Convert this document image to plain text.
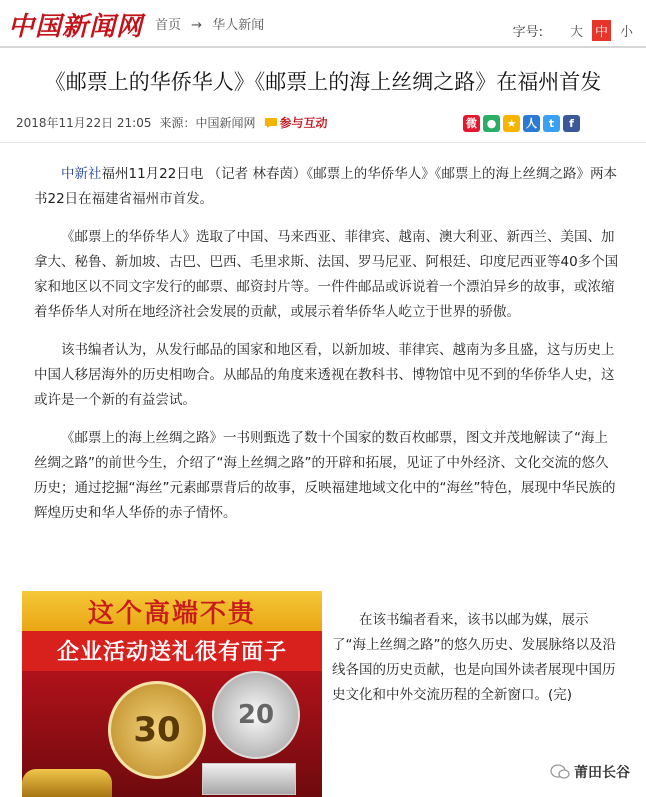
中国新闻网 首页 → 华人新闻	字号: 大 中 小
《邮票上的华侨华人》《邮票上的海上丝绸之路》在福州首发
2018年11月22日 21:05 来源：中国新闻网 参与互动	微 ● ★ 人	t	f

中新社福州11月22日电 （记者 林春茵）《邮票上的华侨华人》《邮票上的海上丝绸之路》两本书22日在福建省福州市首发。

《邮票上的华侨华人》选取了中国、马来西亚、菲律宾、越南、澳大利亚、新西兰、美国、加拿大、秘鲁、新加坡、古巴、巴西、毛里求斯、法国、罗马尼亚、阿根廷、印度尼西亚等40多个国家和地区以不同文字发行的邮票、邮资封片等。一件件邮品或诉说着一个漂泊异乡的故事，或浓缩着华侨华人对所在地经济社会发展的贡献，或展示着华侨华人屹立于世界的骄傲。

该书编者认为，从发行邮品的国家和地区看，以新加坡、菲律宾、越南为多且盛，这与历史上中国人移居海外的历史相吻合。从邮品的角度来透视在教科书、博物馆中见不到的华侨华人史，这或许是一个新的有益尝试。

《邮票上的海上丝绸之路》一书则甄选了数十个国家的数百枚邮票，图文并茂地解读了“海上丝绸之路”的前世今生，介绍了“海上丝绸之路”的开辟和拓展，见证了中外经济、文化交流的悠久历史；通过挖掘“海丝”元素邮票背后的故事，反映福建地域文化中的“海丝”特色，展现中华民族的辉煌历史和华人华侨的赤子情怀。

这个高端不贵
企业活动送礼很有面子
30 20

在该书编者看来，该书以邮为媒，展示了“海上丝绸之路”的悠久历史、发展脉络以及沿线各国的历史贡献，也是向国外读者展现中国历史文化和中外交流历程的全新窗口。(完)

莆田长谷
